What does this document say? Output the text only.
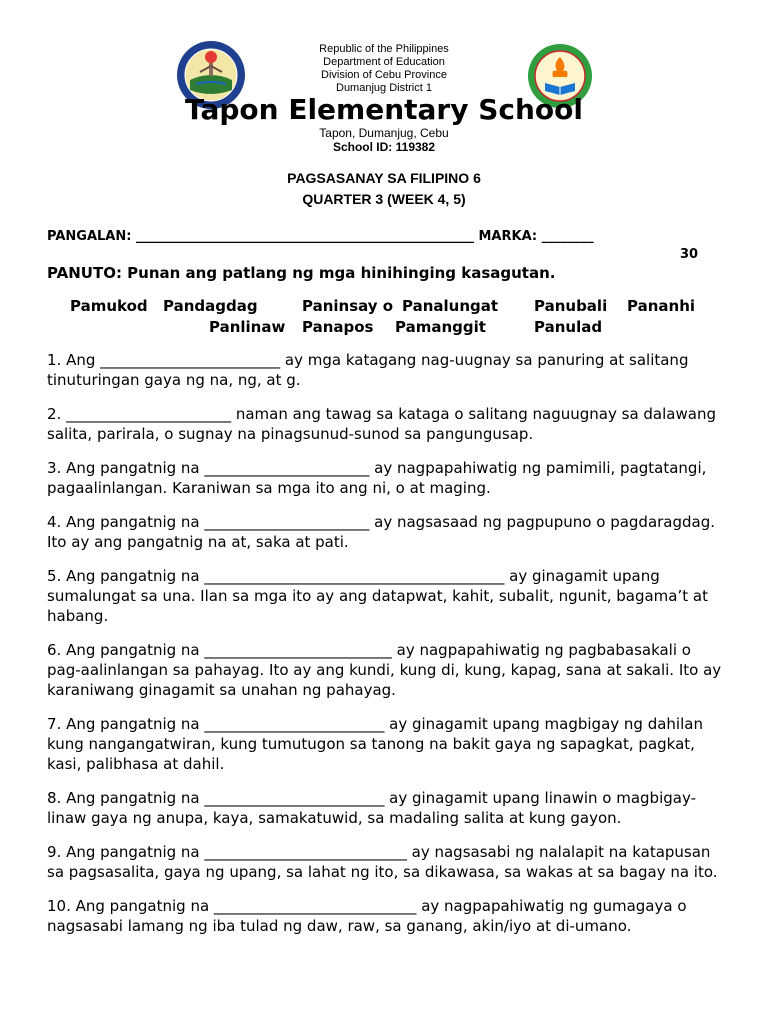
Republic of the Philippines
Department of Education
Division of Cebu Province
Dumanjug District 1
Tapon Elementary School
Tapon, Dumanjug, Cebu
School ID: 119382
PAGSASANAY SA FILIPINO 6
QUARTER 3 (WEEK 4, 5)
PANGALAN: ____________________________________________________ MARKA: ________
30
PANUTO: Punan ang patlang ng mga hinihinging kasagutan.
Pamukod Pandagdag	Paninsay o Panalungat Panubali Pananhi
Panlinaw Panapos Pamanggit	Panulad

1. Ang ________________________ ay mga katagang nag-uugnay sa panuring at salitang tinuturingan gaya ng na, ng, at g.

2. ______________________ naman ang tawag sa kataga o salitang naguugnay sa dalawang salita, parirala, o sugnay na pinagsunud-sunod sa pangungusap.

3. Ang pangatnig na ______________________ ay nagpapahiwatig ng pamimili, pagtatangi, pagaalinlangan. Karaniwan sa mga ito ang ni, o at maging.

4. Ang pangatnig na ______________________ ay nagsasaad ng pagpupuno o pagdaragdag. Ito ay ang pangatnig na at, saka at pati.

5. Ang pangatnig na ________________________________________ ay ginagamit upang sumalungat sa una. Ilan sa mga ito ay ang datapwat, kahit, subalit, ngunit, bagama’t at habang.

6. Ang pangatnig na _________________________ ay nagpapahiwatig ng pagbabasakali o pag-aalinlangan sa pahayag. Ito ay ang kundi, kung di, kung, kapag, sana at sakali. Ito ay karaniwang ginagamit sa unahan ng pahayag.

7. Ang pangatnig na ________________________ ay ginagamit upang magbigay ng dahilan kung nangangatwiran, kung tumutugon sa tanong na bakit gaya ng sapagkat, pagkat, kasi, palibhasa at dahil.

8. Ang pangatnig na ________________________ ay ginagamit upang linawin o magbigay-linaw gaya ng anupa, kaya, samakatuwid, sa madaling salita at kung gayon.

9. Ang pangatnig na ___________________________ ay nagsasabi ng nalalapit na katapusan sa pagsasalita, gaya ng upang, sa lahat ng ito, sa dikawasa, sa wakas at sa bagay na ito.

10. Ang pangatnig na ___________________________ ay nagpapahiwatig ng gumagaya o nagsasabi lamang ng iba tulad ng daw, raw, sa ganang, akin/iyo at di-umano.
